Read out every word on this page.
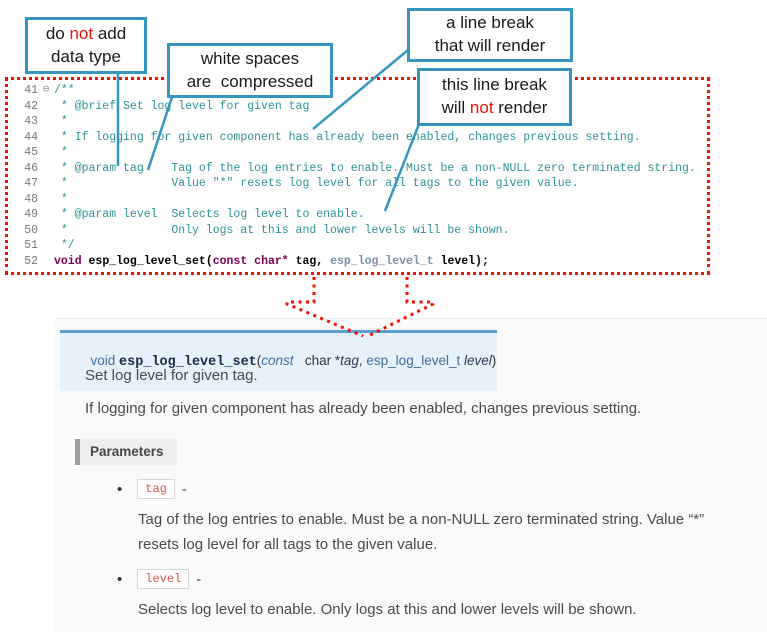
41 ⊖ /**
42 * @brief Set log level for given tag
43 *
44 * If logging for given component has already been enabled, changes previous setting.
45 *
46 * @param tag    Tag of the log entries to enable. Must be a non-NULL zero terminated string.
47 *               Value "*" resets log level for all tags to the given value.
48 *
49 * @param level  Selects log level to enable.
50 *               Only logs at this and lower levels will be shown.
51 */
52 void
esp_log_level_set( const
char* tag, esp_log_level_t level);

void esp_log_level_set(const   char *tag, esp_log_level_t level)

Set log level for given tag.
If logging for given component has already been enabled, changes previous setting.
Parameters
•	tag	-
Tag of the log entries to enable. Must be a non-NULL zero terminated string. Value “*” resets log level for all tags to the given value.
•	level	-
Selects log level to enable. Only logs at this and lower levels will be shown.
do not add
data type	white spaces
are  compressed
a line break
that will render
this line break
will not render
